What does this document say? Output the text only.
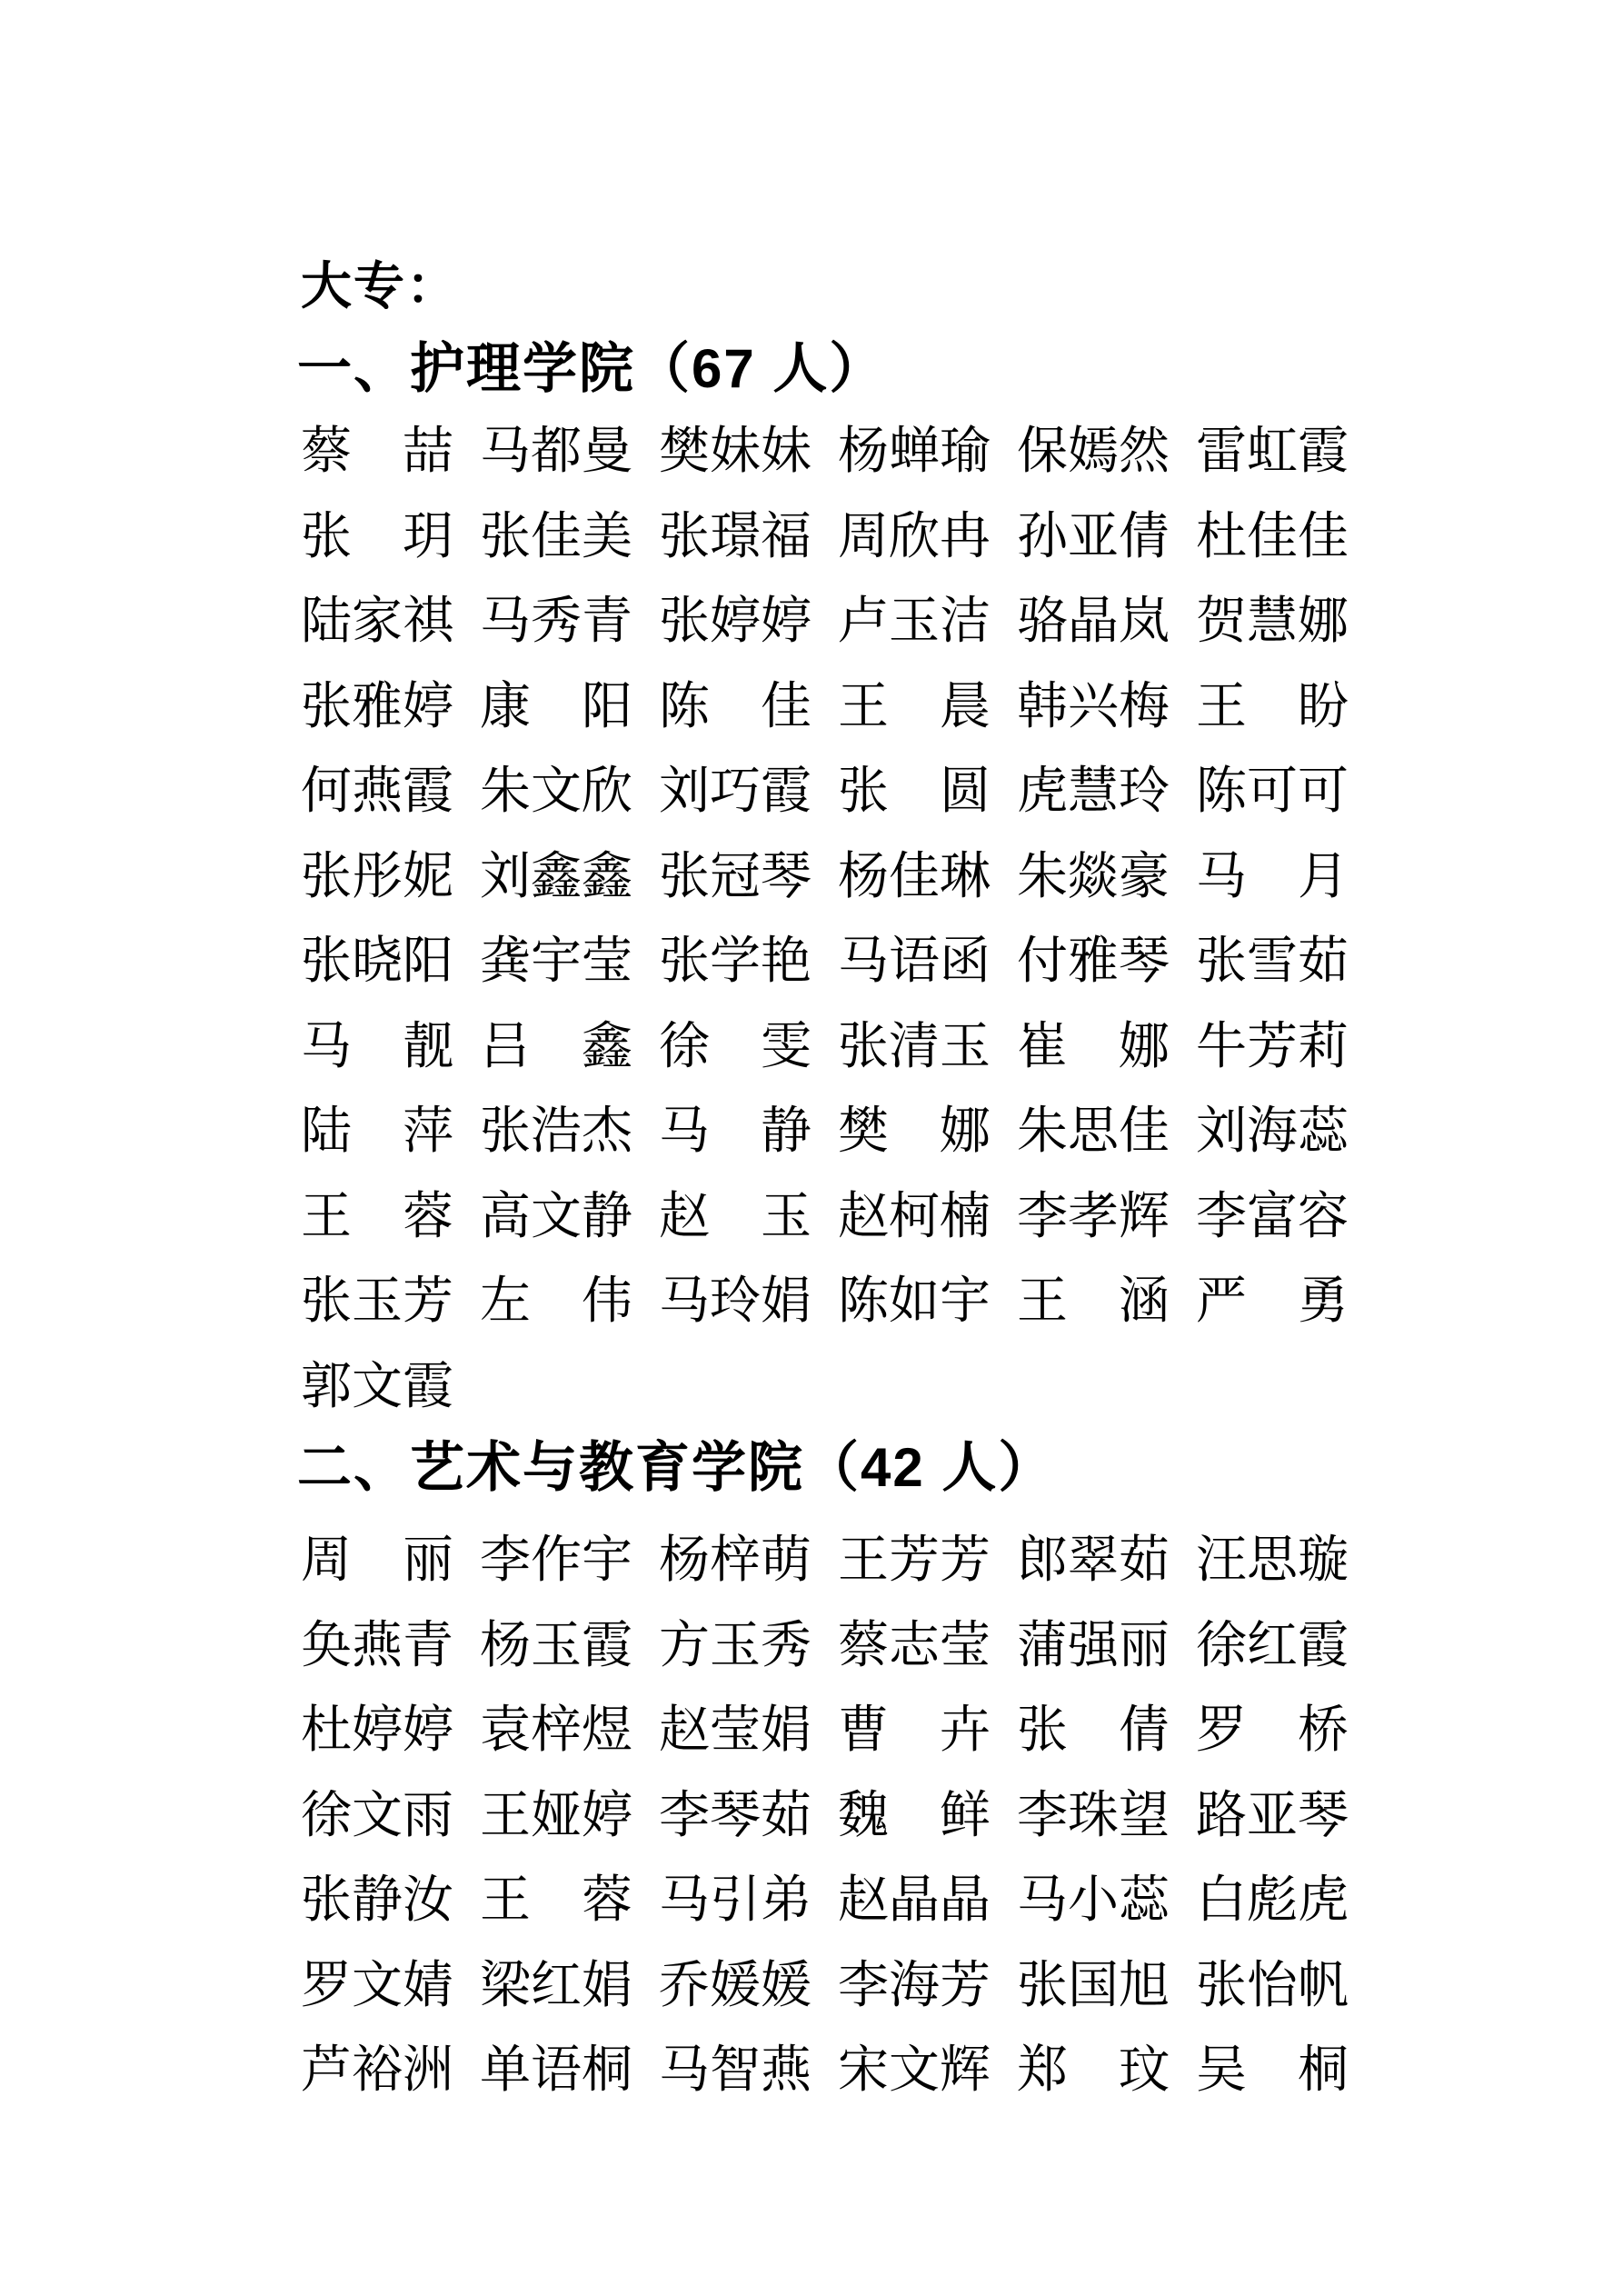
大专：
一、护理学院（67 人）
蔡　喆 马都曼 樊妹妹 杨蝉瑜 保嫣然 雷虹霞
张　玥 张佳美 张璟福 周欣冉 孙亚倩 杜佳佳
陆家祺 马秀青 张婷婷 卢玉洁 骆晶岚 贺慧娜
张雅婷 康　阳 陈　佳 王　晨 韩兴梅 王　盼
何燕霞 朱文欣 刘巧霞 张　圆 虎慧玲 陈可可
张彤妮 刘鑫鑫 张冠琴 杨佳琳 朱燚豪 马　月
张晓阳 龚宇莹 张学艳 马语函 付雅琴 张雪茹
马　靓 吕　鑫 徐　雯 张清玉 崔　娜 牛芳莉
陆　萍 张浩杰 马　静 樊　娜 朱思佳 刘海蕊
王　蓉 高文静 赵　玉 赵柯楠 李孝辉 李富容
张玉芳 左　伟 马玲娟 陈如宇 王　涵 严　勇
郭文霞
二、艺术与教育学院（42 人）
周　丽 李作宇 杨梓萌 王芳芳 郎翠茹 汪思璇
奂燕青 杨玉霞 方玉秀 蔡志莹 蒲强丽 徐红霞
杜婷婷 袁梓煜 赵莹娟 曹　卉 张　倩 罗　桥
徐文雨 王娅婷 李琴茹 魏　鲜 李珠望 路亚琴
张静汝 王　蓉 马引弟 赵晶晶 马小蕊 白彪虎
罗文婧 梁红娟 乔媛媛 李海芳 张国旭 张怡帆
芦裕洲 单语桐 马智燕 宋文辉 郑　玟 吴　桐
